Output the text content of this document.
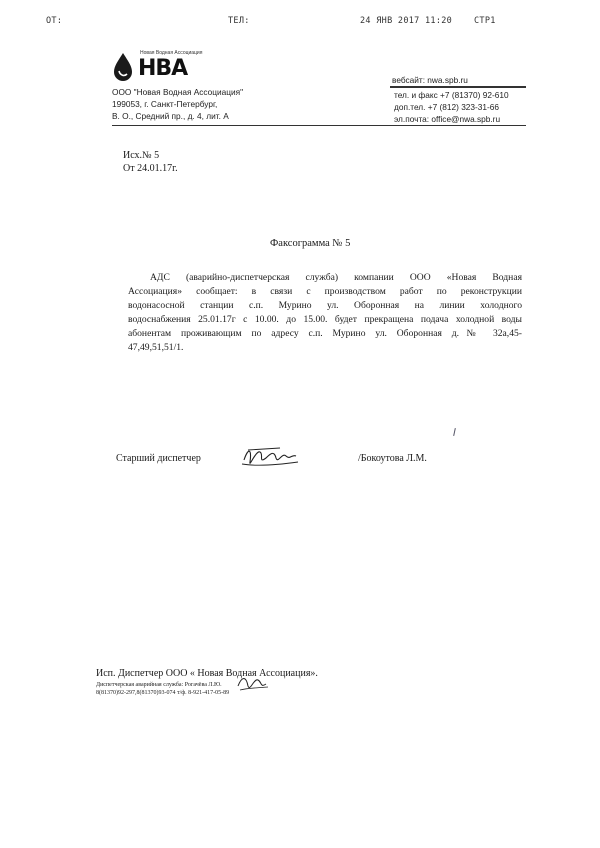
ОТ:	ТЕЛ:	24 ЯНВ 2017 11:20	СТР1
Новая Водная Ассоциация
НВА
ООО "Новая Водная Ассоциация"
199053, г. Санкт-Петербург,
В. О., Средний пр., д. 4, лит. А
вебсайт: nwa.spb.ru
тел. и факс +7 (81370) 92-610
доп.тел. +7 (812) 323-31-66
эл.почта: office@nwa.spb.ru
Исх.№ 5
От 24.01.17г.
Факсограмма № 5
АДС (аварийно-диспетчерская служба) компании ООО «Новая Водная
Ассоциация» сообщает: в связи с производством работ по реконструкции
водонасосной станции с.п. Мурино ул. Оборонная на линии холодного
водоснабжения 25.01.17г с 10.00. до 15.00. будет прекращена подача холодной воды
абонентам проживающим по адресу с.п. Мурино ул. Оборонная д.№ 32а,45-
47,49,51,51/1.
Старший диспетчер	/Бокоутова Л.М.
Исп. Диспетчер ООО « Новая Водная Ассоциация».
Диспетчерская аварийная служба: Рогачёва Л.Ю.
8(81370)92-297,8(81370)93-074 т/ф. 8-921-417-05-89
